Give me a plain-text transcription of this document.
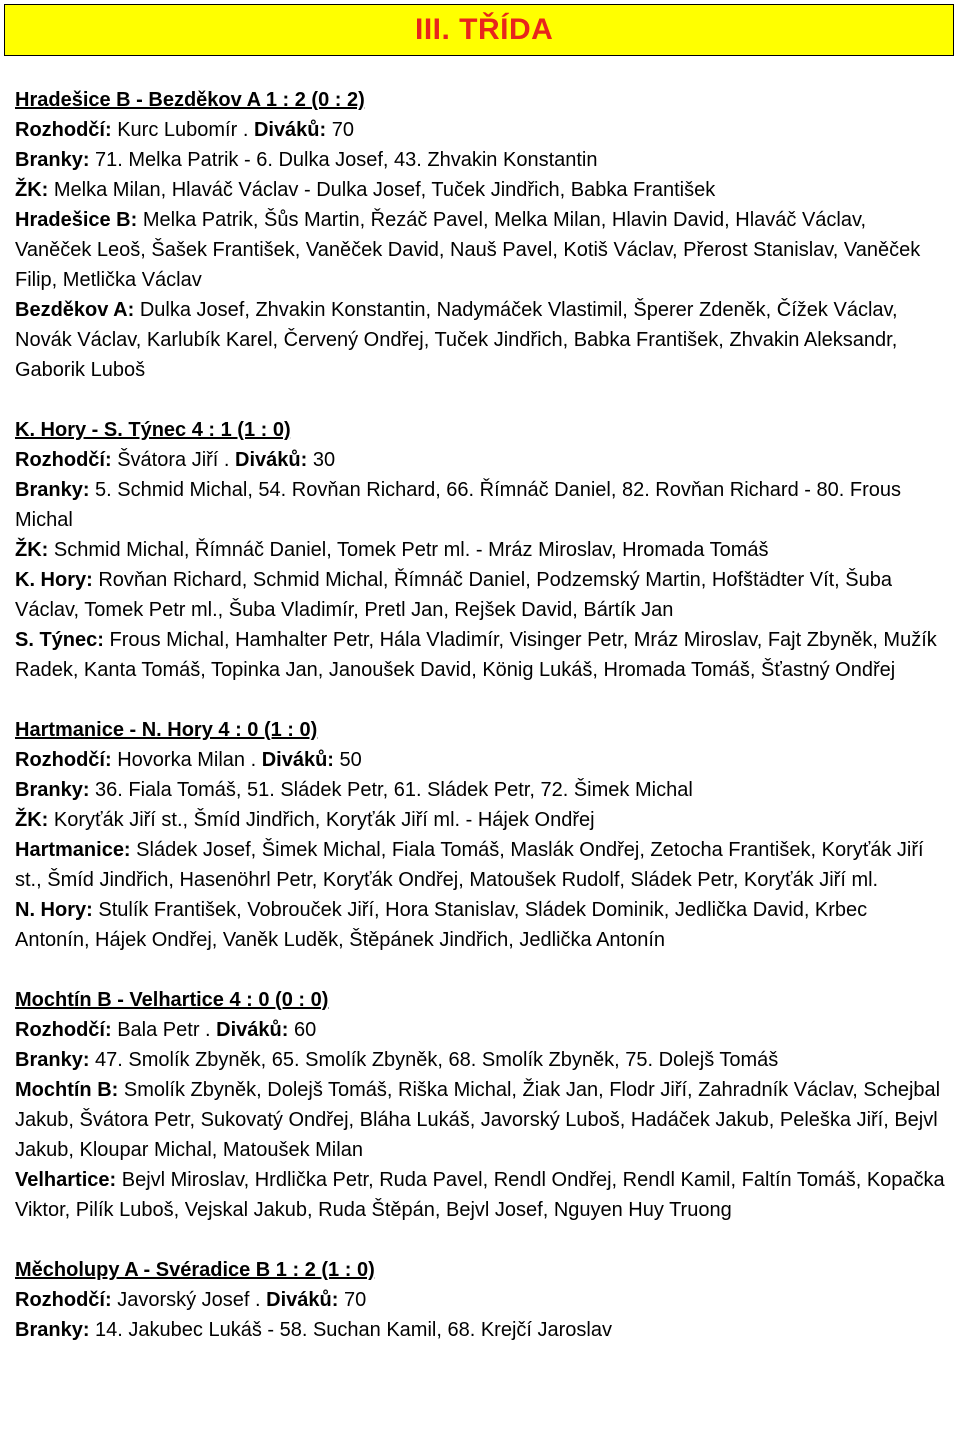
III. TŘÍDA
Hradešice B - Bezděkov A 1 : 2 (0 : 2)
Rozhodčí: Kurc Lubomír . Diváků: 70
Branky: 71. Melka Patrik - 6. Dulka Josef, 43. Zhvakin Konstantin
ŽK: Melka Milan, Hlaváč Václav - Dulka Josef, Tuček Jindřich, Babka František
Hradešice B: Melka Patrik, Šůs Martin, Řezáč Pavel, Melka Milan, Hlavin David, Hlaváč Václav, Vaněček Leoš, Šašek František, Vaněček David, Nauš Pavel, Kotiš Václav, Přerost Stanislav, Vaněček Filip, Metlička Václav
Bezděkov A: Dulka Josef, Zhvakin Konstantin, Nadymáček Vlastimil, Šperer Zdeněk, Čížek Václav, Novák Václav, Karlubík Karel, Červený Ondřej, Tuček Jindřich, Babka František, Zhvakin Aleksandr, Gaborik Luboš
K. Hory - S. Týnec 4 : 1 (1 : 0)
Rozhodčí: Švátora Jiří . Diváků: 30
Branky: 5. Schmid Michal, 54. Rovňan Richard, 66. Římnáč Daniel, 82. Rovňan Richard - 80. Frous Michal
ŽK: Schmid Michal, Římnáč Daniel, Tomek Petr ml. - Mráz Miroslav, Hromada Tomáš
K. Hory: Rovňan Richard, Schmid Michal, Římnáč Daniel, Podzemský Martin, Hofštädter Vít, Šuba Václav, Tomek Petr ml., Šuba Vladimír, Pretl Jan, Rejšek David, Bártík Jan
S. Týnec: Frous Michal, Hamhalter Petr, Hála Vladimír, Visinger Petr, Mráz Miroslav, Fajt Zbyněk, Mužík Radek, Kanta Tomáš, Topinka Jan, Janoušek David, König Lukáš, Hromada Tomáš, Šťastný Ondřej
Hartmanice - N. Hory 4 : 0 (1 : 0)
Rozhodčí: Hovorka Milan . Diváků: 50
Branky: 36. Fiala Tomáš, 51. Sládek Petr, 61. Sládek Petr, 72. Šimek Michal
ŽK: Koryťák Jiří st., Šmíd Jindřich, Koryťák Jiří ml. - Hájek Ondřej
Hartmanice: Sládek Josef, Šimek Michal, Fiala Tomáš, Maslák Ondřej, Zetocha František, Koryťák Jiří st., Šmíd Jindřich, Hasenöhrl Petr, Koryťák Ondřej, Matoušek Rudolf, Sládek Petr, Koryťák Jiří ml.
N. Hory: Stulík František, Vobrouček Jiří, Hora Stanislav, Sládek Dominik, Jedlička David, Krbec Antonín, Hájek Ondřej, Vaněk Luděk, Štěpánek Jindřich, Jedlička Antonín
Mochtín B - Velhartice 4 : 0 (0 : 0)
Rozhodčí: Bala Petr . Diváků: 60
Branky: 47. Smolík Zbyněk, 65. Smolík Zbyněk, 68. Smolík Zbyněk, 75. Dolejš Tomáš
Mochtín B: Smolík Zbyněk, Dolejš Tomáš, Riška Michal, Žiak Jan, Flodr Jiří, Zahradník Václav, Schejbal Jakub, Švátora Petr, Sukovatý Ondřej, Bláha Lukáš, Javorský Luboš, Hadáček Jakub, Peleška Jiří, Bejvl Jakub, Kloupar Michal, Matoušek Milan
Velhartice: Bejvl Miroslav, Hrdlička Petr, Ruda Pavel, Rendl Ondřej, Rendl Kamil, Faltín Tomáš, Kopačka Viktor, Pilík Luboš, Vejskal Jakub, Ruda Štěpán, Bejvl Josef, Nguyen Huy Truong
Měcholupy A - Svéradice B 1 : 2 (1 : 0)
Rozhodčí: Javorský Josef . Diváků: 70
Branky: 14. Jakubec Lukáš - 58. Suchan Kamil, 68. Krejčí Jaroslav
